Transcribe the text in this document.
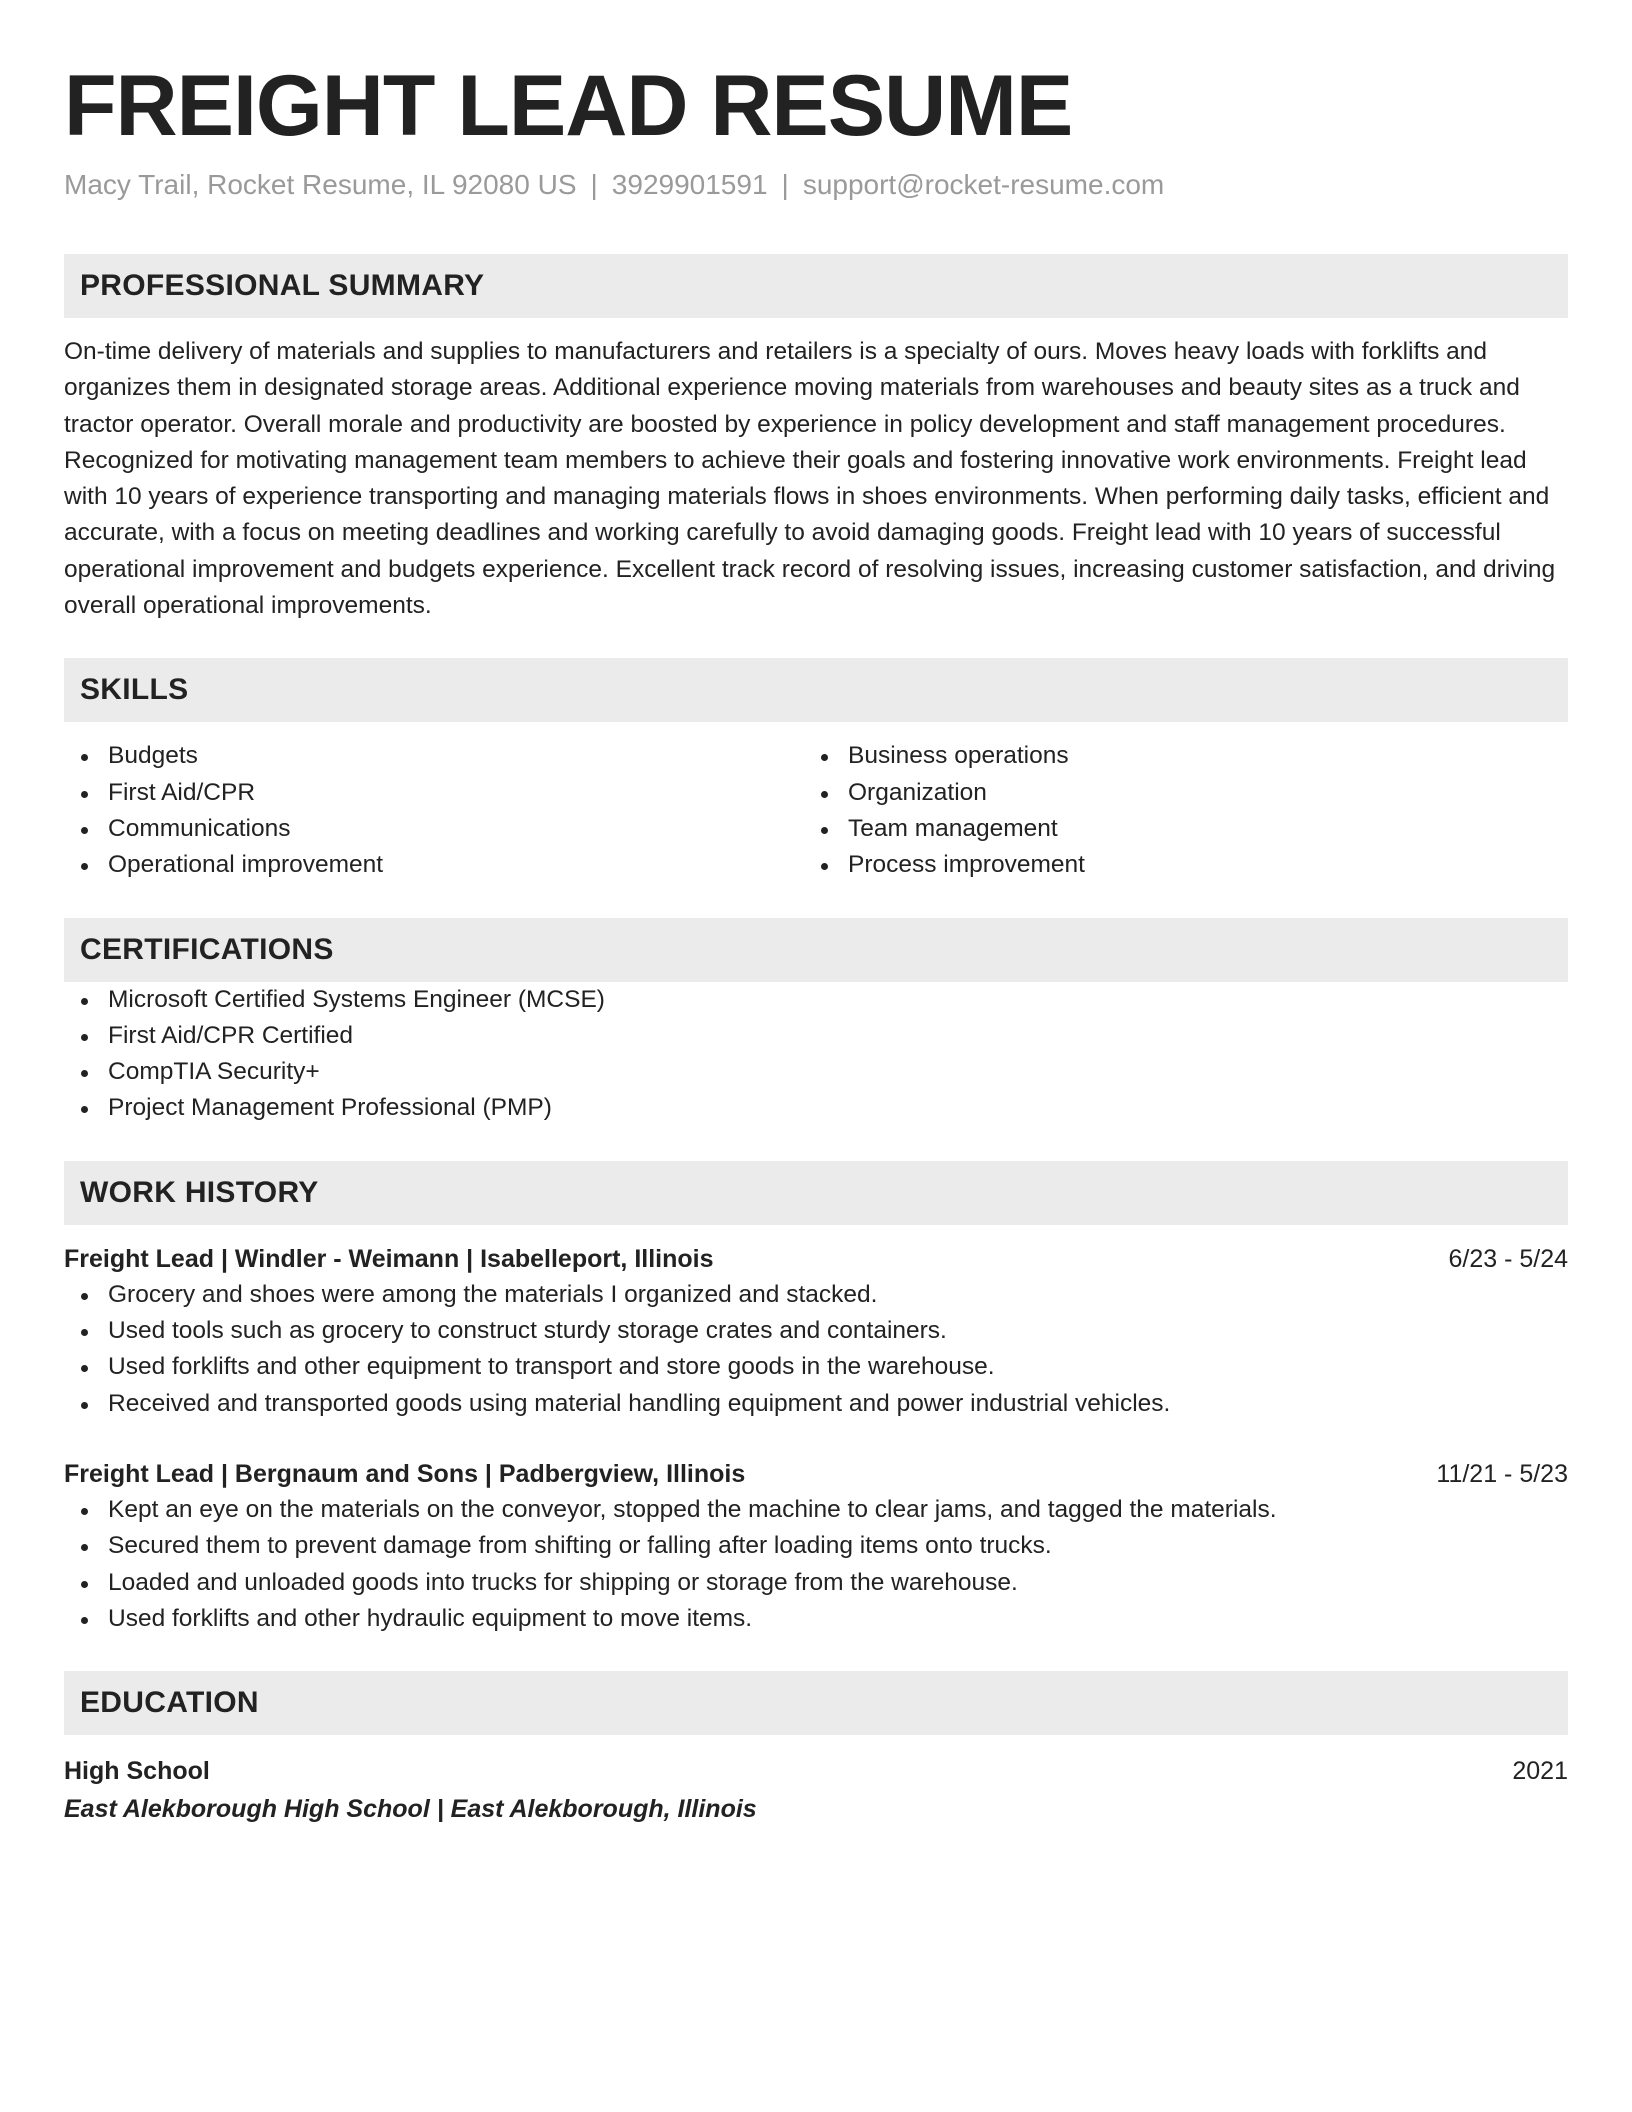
FREIGHT LEAD RESUME
Macy Trail, Rocket Resume, IL 92080 US | 3929901591 | support@rocket-resume.com
PROFESSIONAL SUMMARY

On-time delivery of materials and supplies to manufacturers and retailers is a specialty of ours. Moves heavy loads with forklifts and organizes them in designated storage areas. Additional experience moving materials from warehouses and beauty sites as a truck and tractor operator. Overall morale and productivity are boosted by experience in policy development and staff management procedures. Recognized for motivating management team members to achieve their goals and fostering innovative work environments. Freight lead with 10 years of experience transporting and managing materials flows in shoes environments. When performing daily tasks, efficient and accurate, with a focus on meeting deadlines and working carefully to avoid damaging goods. Freight lead with 10 years of successful operational improvement and budgets experience. Excellent track record of resolving issues, increasing customer satisfaction, and driving overall operational improvements.

SKILLS
Budgets
First Aid/CPR
Communications
Operational improvement
Business operations
Organization
Team management
Process improvement
CERTIFICATIONS
Microsoft Certified Systems Engineer (MCSE)
First Aid/CPR Certified
CompTIA Security+
Project Management Professional (PMP)
WORK HISTORY
Freight Lead | Windler - Weimann | Isabelleport, Illinois	6/23 - 5/24
Grocery and shoes were among the materials I organized and stacked.
Used tools such as grocery to construct sturdy storage crates and containers.
Used forklifts and other equipment to transport and store goods in the warehouse.
Received and transported goods using material handling equipment and power industrial vehicles.
Freight Lead | Bergnaum and Sons | Padbergview, Illinois	11/21 - 5/23
Kept an eye on the materials on the conveyor, stopped the machine to clear jams, and tagged the materials.
Secured them to prevent damage from shifting or falling after loading items onto trucks.
Loaded and unloaded goods into trucks for shipping or storage from the warehouse.
Used forklifts and other hydraulic equipment to move items.
EDUCATION
High School	2021
East Alekborough High School | East Alekborough, Illinois
